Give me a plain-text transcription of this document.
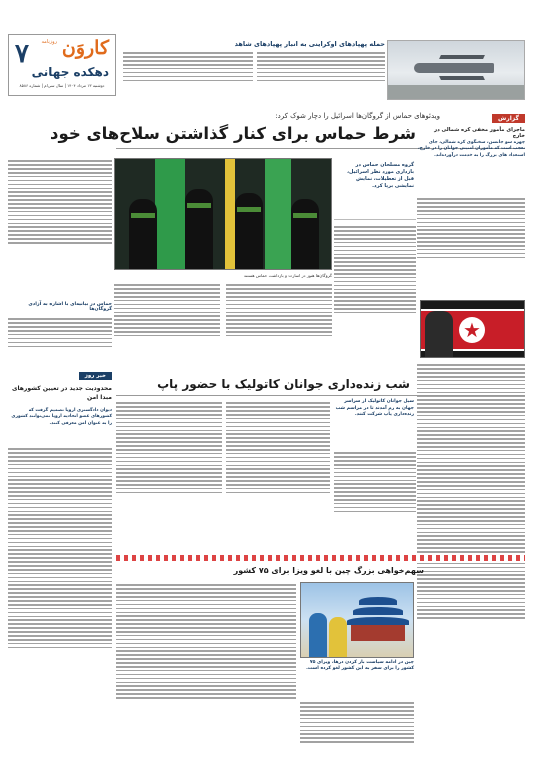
۷	روزنامه کاروَن
دهکده جهانی
دوشنبه ۱۳ مرداد ۱۴۰۴ | سال سی‌ام | شماره ۸۵۸۶
حمله پهپادهای اوکراینی به انبار پهپادهای شاهد
ویدئوهای حماس از گروگان‌ها اسرائیل را دچار شوک کرد:
شرط حماس برای کنار گذاشتن سلاح‌های خود
گزارش
ماجرای مأمور مخفی کره شمالی در خارج
چهره سو جانسن، سخنگوی کره شمالی، جای تعجب است که مأموران امنیتی جوانان را در خارج، استعداد های بزرگ را به خدمت درآورده‌اند.
★
گروگان‌ها هنوز در اسارت و بازداشت حماس هستند
گروه مسلحان حماس در بازداری مورد نظر اسرائیل، قبل از تعطیلات، نمایش نمایشی برپا کرد.
حماس در بیانیه‌ای با اشاره به آزادی گروگان‌ها
خبر روز
محدودیت جدید در تعیین کشورهای مبدا امن
دیوان دادگستری اروپا تصمیم گرفت که کشورهای عضو اتحادیه اروپا نمی‌توانند کشوری را به عنوان امن معرفی کنند.
شب زنده‌داری جوانان کاتولیک با حضور پاپ
سیل جوانان کاتولیک از سراسر جهان به رم آمدند تا در مراسم شب زنده‌داری پاپ شرکت کنند.
سهم‌خواهی بزرگ چین با لغو ویزا برای ۷۵ کشور
چین در ادامه سیاست باز کردن درها، ویزای ۷۵ کشور را برای سفر به این کشور لغو کرده است.
